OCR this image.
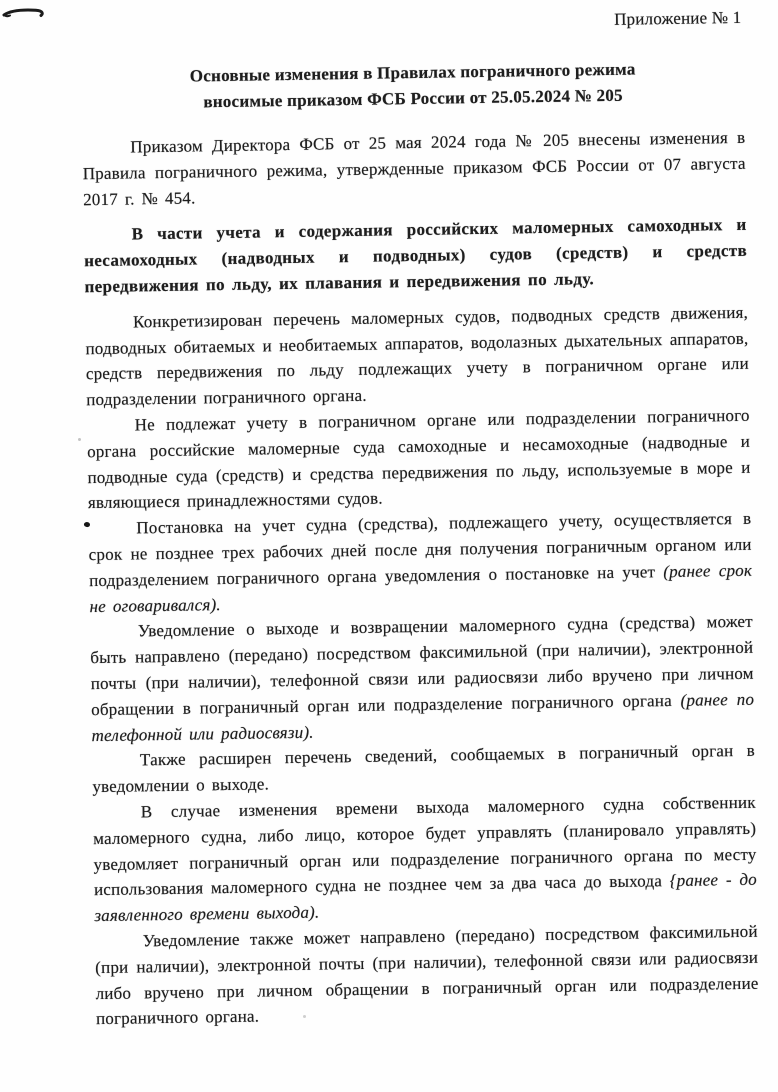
Приложение № 1
Основные изменения в Правилах пограничного режима
вносимые приказом ФСБ России от 25.05.2024 № 205

Приказом Директора ФСБ от 25 мая 2024 года № 205 внесены изменения в Правила пограничного режима, утвержденные приказом ФСБ России от 07 августа 2017 г. № 454.

В части учета и содержания российских маломерных самоходных и несамоходных (надводных и подводных) судов (средств) и средств передвижения по льду, их плавания и передвижения по льду.

Конкретизирован перечень маломерных судов, подводных средств движения, подводных обитаемых и необитаемых аппаратов, водолазных дыхательных аппаратов, средств передвижения по льду подлежащих учету в пограничном органе или подразделении пограничного органа.

Не подлежат учету в пограничном органе или подразделении пограничного органа российские маломерные суда самоходные и несамоходные (надводные и подводные суда (средств) и средства передвижения по льду, используемые в море и являющиеся принадлежностями судов.

Постановка на учет судна (средства), подлежащего учету, осуществляется в срок не позднее трех рабочих дней после дня получения пограничным органом или подразделением пограничного органа уведомления о постановке на учет (ранее срок не оговаривался).

Уведомление о выходе и возвращении маломерного судна (средства) может быть направлено (передано) посредством факсимильной (при наличии), электронной почты (при наличии), телефонной связи или радиосвязи либо вручено при личном обращении в пограничный орган или подразделение пограничного органа (ранее по телефонной или радиосвязи).

Также расширен перечень сведений, сообщаемых в пограничный орган в уведомлении о выходе.

В случае изменения времени выхода маломерного судна собственник маломерного судна, либо лицо, которое будет управлять (планировало управлять) уведомляет пограничный орган или подразделение пограничного органа по месту использования маломерного судна не позднее чем за два часа до выхода {ранее - до заявленного времени выхода).

Уведомление также может направлено (передано) посредством факсимильной (при наличии), электронной почты (при наличии), телефонной связи или радиосвязи либо вручено при личном обращении в пограничный орган или подразделение пограничного органа.
